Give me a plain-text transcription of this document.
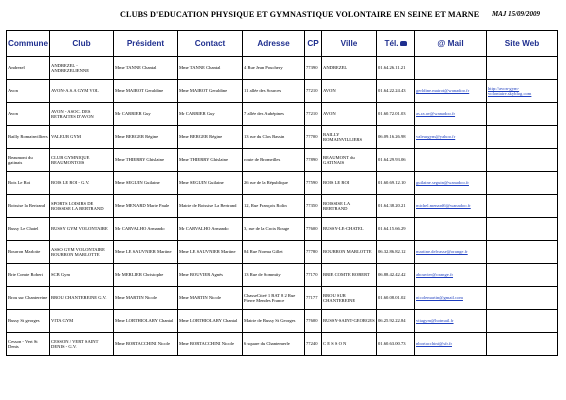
CLUBS D'EDUCATION PHYSIQUE ET GYMNASTIQUE VOLONTAIRE EN SEINE ET MARNE MAJ 15/09/2009
Commune	Club	Président	Contact	Adresse	CP	Ville	Tél.	@ Mail	Site Web
Andrezel	ANDREZEL - ANDREZELIENNE	Mme TANNE Chantal	Mme TANNE Chantal	4 Rue Jean Pouchery	77390	ANDREZEL	01.64.26.11.21		
Avon	AVON-A.S.A GYM VOL	Mme MAIROT Geraldine	Mme MAIROT Geraldine	11 allée des Sources	77210	AVON	01.64.22.24.43	gerldine.mairot@wanadoo.fr	http://avon-gym-volontaire.skyblog.com
Avon	AVON - ASOC. DES RETRAITES D'AVON	Mr CARRIER Guy	Mr CARRIER Guy	7 allée des Aubépines	77210	AVON	01.60.72.01.03	as.ra.av@wanadoo.fr	
Bailly Romainvilliers	VALEUR GYM	Mme BERGER Régine	Mme BERGER Régine	13 rue du Clos Bassin	77700	BAILLY ROMAINVILLIERS	06.09.16.26.98	valeurgym@yahoo.fr	
Beaumont du gatinais	CLUB GYMNIQUE BEAUMONTOIS	Mme THIERRY Ghislaine	Mme THIERRY Ghislaine	route de Bromeilles	77890	BEAUMONT du GATINAIS	01.64.29.93.06		
Bois Le Roi	BOIS LE ROI - G.V.	Mme SEGUIN Guilaine	Mme SEGUIN Guilaine	26 rue de la République	77590	BOIS LE ROI	01.60.69.12.10	guilaine.seguin@wanadoo.fr	
Boissise la Bertrand	SPORTS LOISIRS DE BOISSISE LA BERTRAND	Mme MENARD Marie Paule	Mairie de Boissise La Bertrand	12, Rue François Rolin	77350	BOISSISE LA BERTRAND	01.64.38.20.21	michel.menard6@wanadoo.fr	
Bussy Le Chatel	BUSSY GYM VOLONTAIRE	Mr CARVALHO Armando	Mr CARVALHO Armando	3, rue de la Croix Rouge	77600	BUSSY-LE-CHATEL	01.64.15.66.29		
Bourron Marlotte	ASSO GYM VOLONTAIRE BOURRON MARLOTTE	Mme LE SAUVNIER Martine	Mme LE SAUVNIER Martine	84 Rue Norma Gillet	77780	BOURRON MARLOTTE	06.32.86.82.12	martine.delvasse@orange.fr	
Brie Comte Robert	SCB Gym	Mr MERLIER Christophe	Mme BOUVIER Agnès	13 Rue de Sommity	77170	BRIE COMTE ROBERT	06.88.42.42.42	abouvier@orange.fr	
Brou sur Chantereine	BROU CHANTEREINE G.V.	Mme MARTIN Nicole	Mme MARTIN Nicole	ChasseCiteé 1 BAT 8 2 Rue Pierre Mendes France	77177	BROU SUR CHANTEREINE	01.60.08.01.02	nicolemartin@gmail.com	
Bussy St georges	VITA GYM	Mme LORTHIOLARY Chantal	Mme LORTHIOLARY Chantal	Mairie de Bussy St Georges	77600	BUSSY-SAINT-GEORGES	06.25.92.22.84	vitagym@hotmail.fr	
Cesson - Vert St Denis	CESSON / VERT SAINT DENIS - G.V.	Mme BORTACCHINI Nicole	Mme BORTACCHINI Nicole	6 square du Chantemerle	77240	C E S S O N	01.60.63.00.73	nbortacchini@sfr.fr	
